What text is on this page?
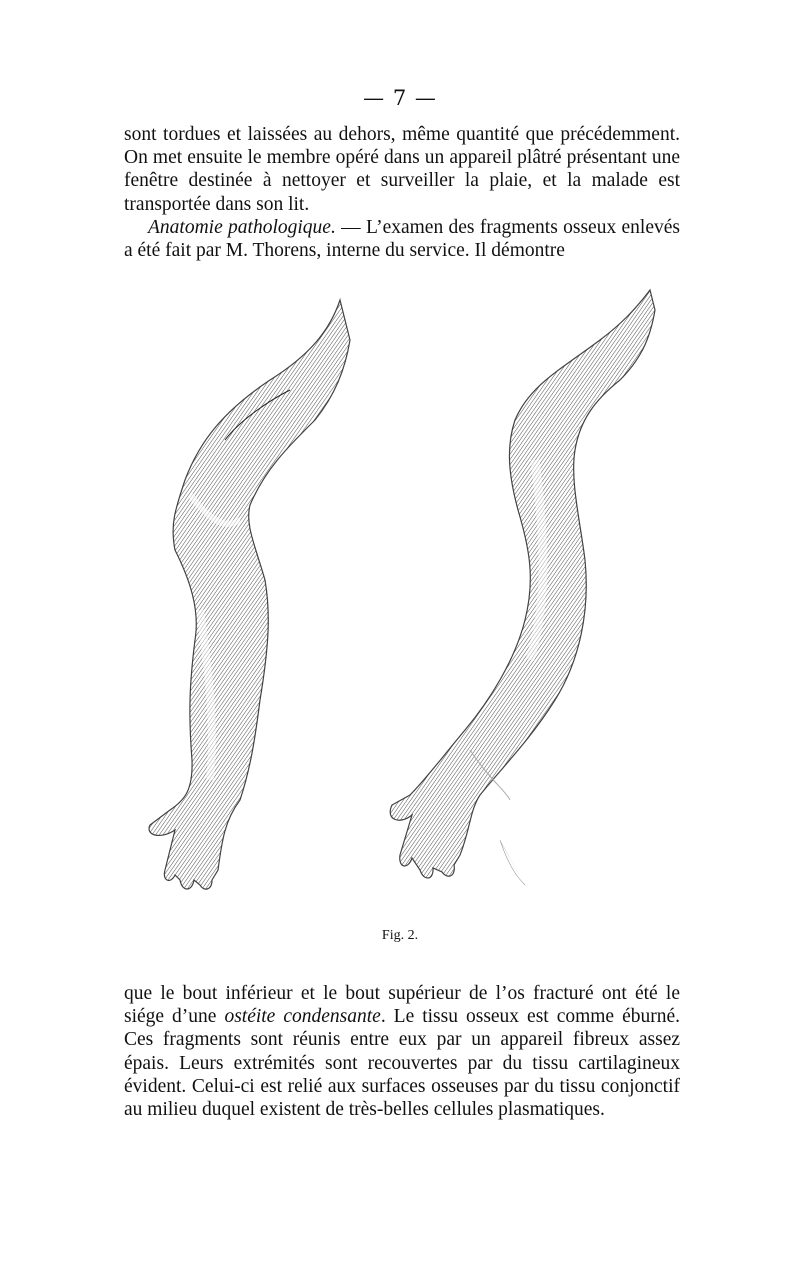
— 7 —

sont tordues et laissées au dehors, même quantité que précédemment. On met ensuite le membre opéré dans un appareil plâtré présentant une fenêtre destinée à nettoyer et surveiller la plaie, et la malade est transportée dans son lit.

Anatomie pathologique. — L’examen des fragments osseux enlevés a été fait par M. Thorens, interne du service. Il démontre

Fig. 2.

que le bout inférieur et le bout supérieur de l’os fracturé ont été le siége d’une ostéite condensante. Le tissu osseux est comme éburné. Ces fragments sont réunis entre eux par un appareil fibreux assez épais. Leurs extrémités sont recouvertes par du tissu cartilagineux évident. Celui-ci est relié aux surfaces osseuses par du tissu conjonctif au milieu duquel existent de très-belles cellules plasmatiques.
